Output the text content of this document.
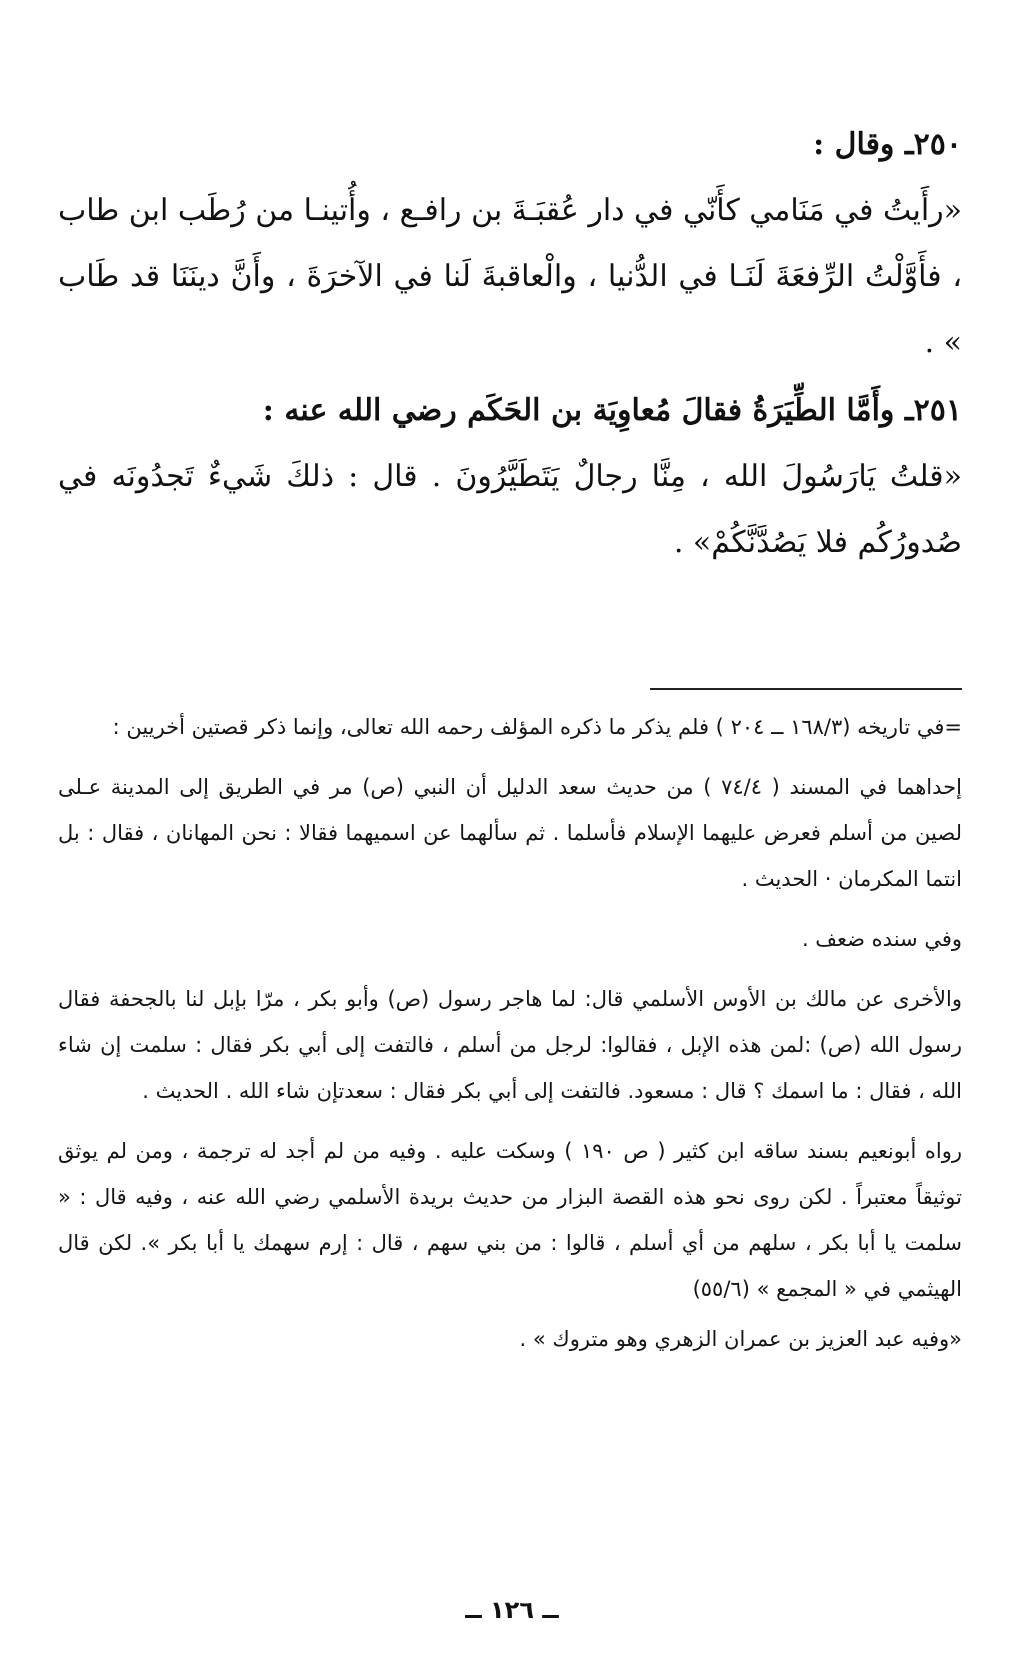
٢٥٠ـ وقال :

«رأَيتُ في مَنَامي كأَنّي في دار عُقبَـةَ بن رافـع ، وأُتينـا من رُطَب ابن طاب ، فأَوَّلْتُ الرِّفعَةَ لَنَـا في الدُّنيا ، والْعاقبةَ لَنا في الآخرَةَ ، وأَنَّ دينَنَا قد طَاب » .

٢٥١ـ وأَمَّا الطِّيَرَةُ فقالَ مُعاوِيَة بن الحَكَم رضي الله عنه :

«قلتُ يَارَسُولَ الله ، مِنَّا رجالٌ يَتَطَيَّرُونَ . قال : ذلكَ شَيءٌ تَجدُونَه في صُدورُكُم فلا يَصُدَّنَّكُمْ» .

=في تاريخه (١٦٨/٣ ــ ٢٠٤ ) فلم يذكر ما ذكره المؤلف رحمه الله تعالى، وإنما ذكر قصتين أخريين :

إحداهما في المسند ( ٧٤/٤ ) من حديث سعد الدليل أن النبي (ص) مر في الطريق إلى المدينة عـلى لصين من أسلم فعرض عليهما الإسلام فأسلما . ثم سألهما عن اسميهما فقالا : نحن المهانان ، فقال : بل انتما المكرمان · الحديث .

وفي سنده ضعف .

والأخرى عن مالك بن الأوس الأسلمي قال: لما هاجر رسول (ص) وأبو بكر ، مرّا بإبل لنا بالجحفة فقال رسول الله (ص) :لمن هذه الإبل ، فقالوا: لرجل من أسلم ، فالتفت إلى أبي بكر فقال : سلمت إن شاء الله ، فقال : ما اسمك ؟ قال : مسعود. فالتفت إلى أبي بكر فقال : سعدتإن شاء الله . الحديث .

رواه أبونعيم بسند ساقه ابن كثير ( ص ١٩٠ ) وسكت عليه . وفيه من لم أجد له ترجمة ، ومن لم يوثق توثيقاً معتبراً . لكن روى نحو هذه القصة البزار من حديث بريدة الأسلمي رضي الله عنه ، وفيه قال : « سلمت يا أبا بكر ، سلهم من أي أسلم ، قالوا : من بني سهم ، قال : إرم سهمك يا أبا بكر ». لكن قال الهيثمي في « المجمع » (٥٥/٦)

«وفيه عبد العزيز بن عمران الزهري وهو متروك » .

ــ ١٢٦ ــ
